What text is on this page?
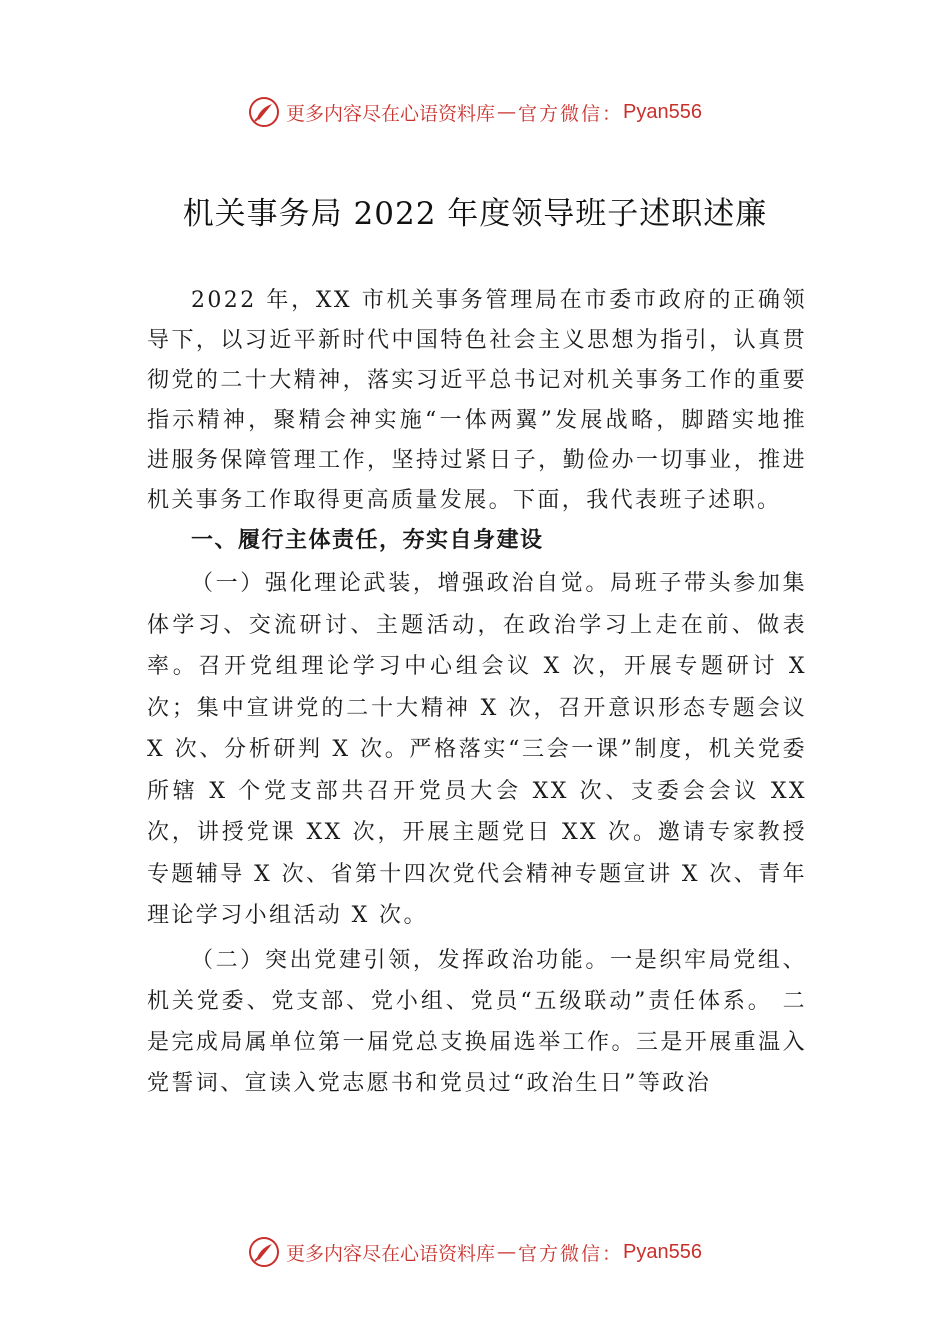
更多内容尽在心语资料库 — 官方微信： Pyan556
机关事务局 2022 年度领导班子述职述廉

2022 年，XX 市机关事务管理局在市委市政府的正确领导下，以习近平新时代中国特色社会主义思想为指引，认真贯彻党的二十大精神，落实习近平总书记对机关事务工作的重要指示精神，聚精会神实施“一体两翼”发展战略，脚踏实地推进服务保障管理工作，坚持过紧日子，勤俭办一切事业，推进机关事务工作取得更高质量发展。下面，我代表班子述职。

一、履行主体责任，夯实自身建设

（一）强化理论武装，增强政治自觉。局班子带头参加集体学习、交流研讨、主题活动，在政治学习上走在前、做表率。召开党组理论学习中心组会议 X 次，开展专题研讨 X 次；集中宣讲党的二十大精神 X 次，召开意识形态专题会议 X 次、分析研判 X 次。严格落实“三会一课”制度，机关党委所辖 X 个党支部共召开党员大会 XX 次、支委会会议 XX 次，讲授党课 XX 次，开展主题党日 XX 次。邀请专家教授专题辅导 X 次、省第十四次党代会精神专题宣讲 X 次、青年理论学习小组活动 X 次。

（二）突出党建引领，发挥政治功能。一是织牢局党组、机关党委、党支部、党小组、党员“五级联动”责任体系。 二是完成局属单位第一届党总支换届选举工作。三是开展重温入党誓词、宣读入党志愿书和党员过“政治生日”等政治

更多内容尽在心语资料库 — 官方微信： Pyan556
